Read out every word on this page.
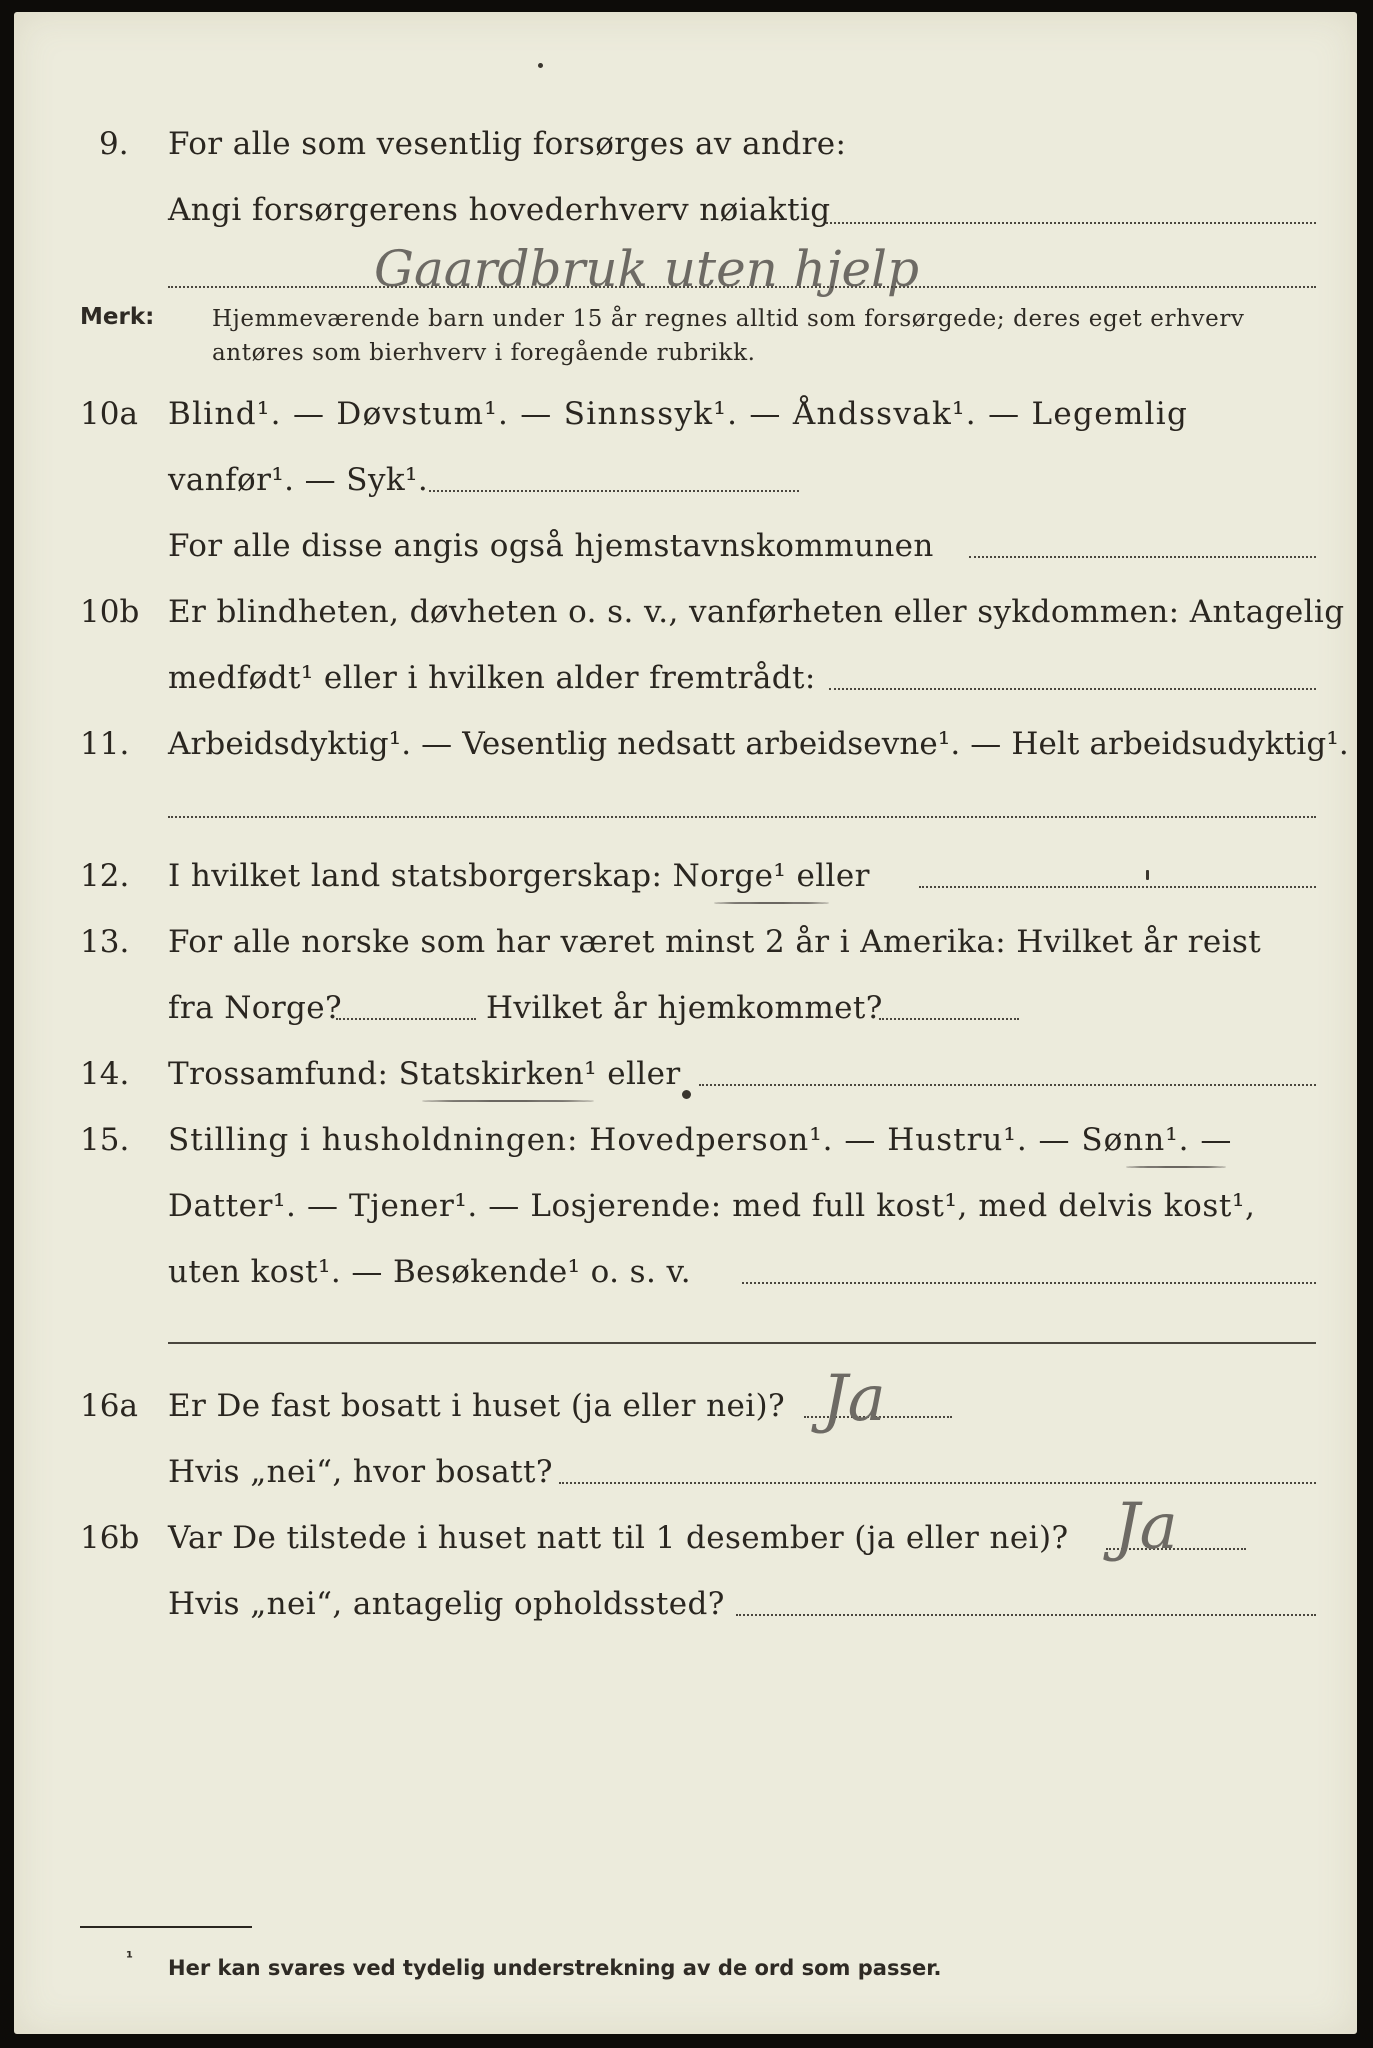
9. For alle som vesentlig forsørges av andre:
Angi forsørgerens hovederhverv nøiaktig
Gaardbruk uten hjelp
Merk:	Hjemmeværende barn under 15 år regnes alltid som forsørgede; deres eget erhverv
antøres som bierhverv i foregående rubrikk.
10a Blind¹. — Døvstum¹. — Sinnssyk¹. — Åndssvak¹. — Legemlig
vanfør¹. — Syk¹.
For alle disse angis også hjemstavnskommunen
10b Er blindheten, døvheten o. s. v., vanførheten eller sykdommen: Antagelig
medfødt¹ eller i hvilken alder fremtrådt:
11. Arbeidsdyktig¹. — Vesentlig nedsatt arbeidsevne¹. — Helt arbeidsudyktig¹.
12. I hvilket land statsborgerskap: Norge¹ eller
13. For alle norske som har været minst 2 år i Amerika: Hvilket år reist
fra Norge?	Hvilket år hjemkommet?
14. Trossamfund: Statskirken¹ eller
15. Stilling i husholdningen: Hovedperson¹. — Hustru¹. — Sønn¹. —
Datter¹. — Tjener¹. — Losjerende: med full kost¹, med delvis kost¹,
uten kost¹. — Besøkende¹ o. s. v.
16a Er De fast bosatt i huset (ja eller nei)? Ja
Hvis „nei“, hvor bosatt?
16b Var De tilstede i huset natt til 1 desember (ja eller nei)? Ja
Hvis „nei“, antagelig opholdssted?
¹ Her kan svares ved tydelig understrekning av de ord som passer.
